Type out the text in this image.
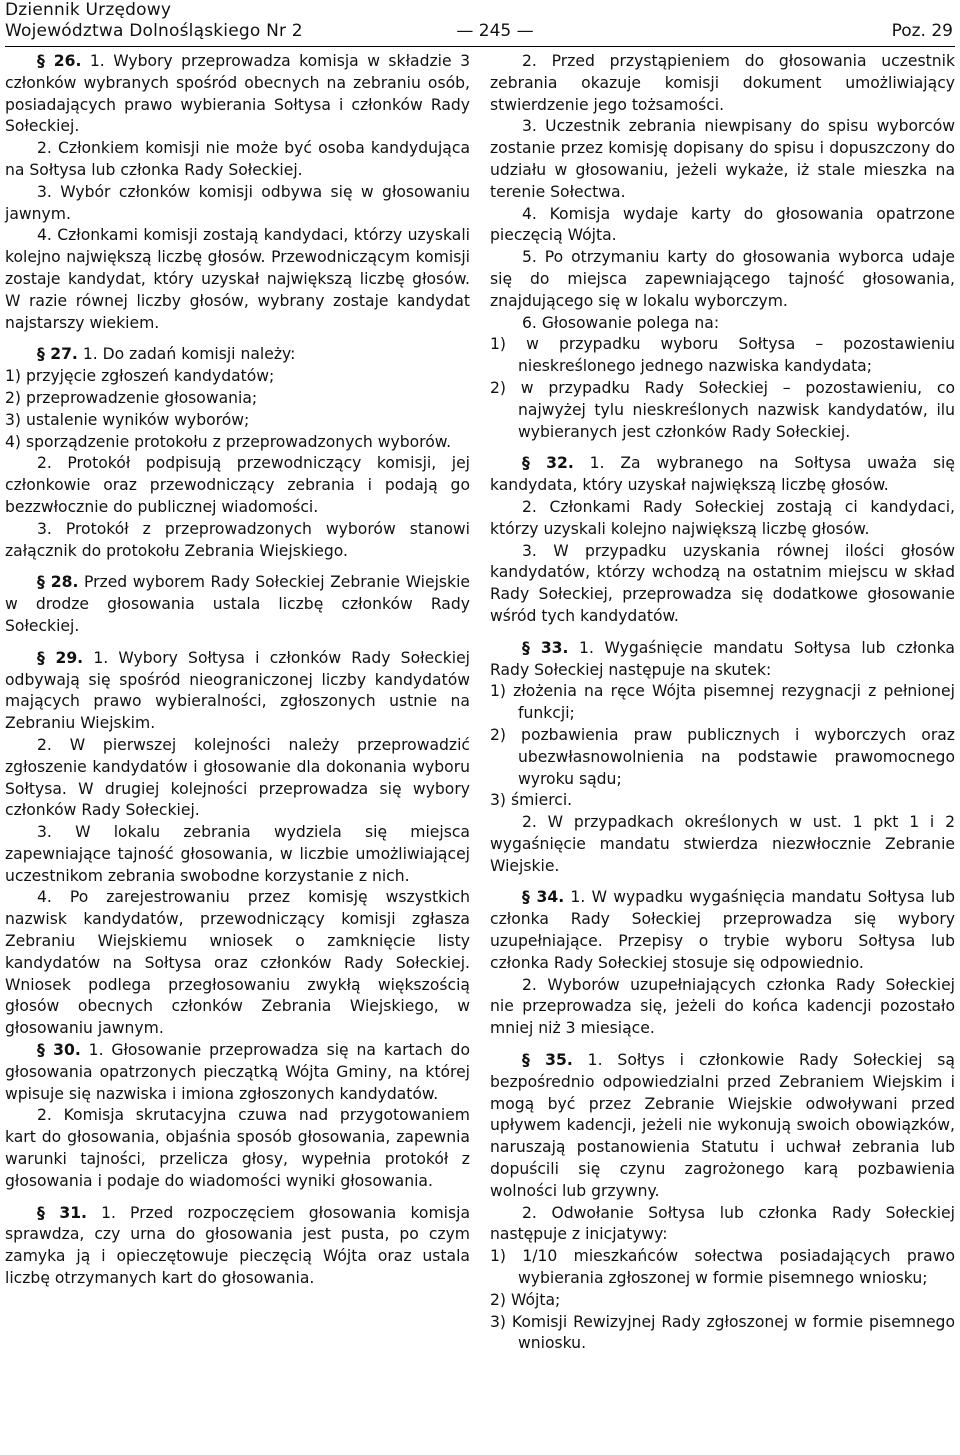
Dziennik Urzędowy
Województwa Dolnośląskiego Nr 2	— 245 —	Poz. 29

§ 26. 1. Wybory przeprowadza komisja w składzie 3 członków wybranych spośród obecnych na zebraniu osób, posiadających prawo wybierania Sołtysa i członków Rady Sołeckiej.

2. Członkiem komisji nie może być osoba kandydująca na Sołtysa lub członka Rady Sołeckiej.

3. Wybór członków komisji odbywa się w głosowaniu jawnym.

4. Członkami komisji zostają kandydaci, którzy uzyskali kolejno największą liczbę głosów. Przewodniczącym komisji zostaje kandydat, który uzyskał największą liczbę głosów. W razie równej liczby głosów, wybrany zostaje kandydat najstarszy wiekiem.

§ 27. 1. Do zadań komisji należy:

1) przyjęcie zgłoszeń kandydatów;

2) przeprowadzenie głosowania;

3) ustalenie wyników wyborów;

4) sporządzenie protokołu z przeprowadzonych wyborów.

2. Protokół podpisują przewodniczący komisji, jej członkowie oraz przewodniczący zebrania i podają go bezzwłocznie do publicznej wiadomości.

3. Protokół z przeprowadzonych wyborów stanowi załącznik do protokołu Zebrania Wiejskiego.

§ 28. Przed wyborem Rady Sołeckiej Zebranie Wiejskie w drodze głosowania ustala liczbę członków Rady Sołeckiej.

§ 29. 1. Wybory Sołtysa i członków Rady Sołeckiej odbywają się spośród nieograniczonej liczby kandydatów mających prawo wybieralności, zgłoszonych ustnie na Zebraniu Wiejskim.

2. W pierwszej kolejności należy przeprowadzić zgłoszenie kandydatów i głosowanie dla dokonania wyboru Sołtysa. W drugiej kolejności przeprowadza się wybory członków Rady Sołeckiej.

3. W lokalu zebrania wydziela się miejsca zapewniające tajność głosowania, w liczbie umożliwiającej uczestnikom zebrania swobodne korzystanie z nich.

4. Po zarejestrowaniu przez komisję wszystkich nazwisk kandydatów, przewodniczący komisji zgłasza Zebraniu Wiejskiemu wniosek o zamknięcie listy kandydatów na Sołtysa oraz członków Rady Sołeckiej. Wniosek podlega przegłosowaniu zwykłą większością głosów obecnych członków Zebrania Wiejskiego, w głosowaniu jawnym.

§ 30. 1. Głosowanie przeprowadza się na kartach do głosowania opatrzonych pieczątką Wójta Gminy, na której wpisuje się nazwiska i imiona zgłoszonych kandydatów.

2. Komisja skrutacyjna czuwa nad przygotowaniem kart do głosowania, objaśnia sposób głosowania, zapewnia warunki tajności, przelicza głosy, wypełnia protokół z głosowania i podaje do wiadomości wyniki głosowania.

§ 31. 1. Przed rozpoczęciem głosowania komisja sprawdza, czy urna do głosowania jest pusta, po czym zamyka ją i opieczętowuje pieczęcią Wójta oraz ustala liczbę otrzymanych kart do głosowania.

2. Przed przystąpieniem do głosowania uczestnik zebrania okazuje komisji dokument umożliwiający stwierdzenie jego tożsamości.

3. Uczestnik zebrania niewpisany do spisu wyborców zostanie przez komisję dopisany do spisu i dopuszczony do udziału w głosowaniu, jeżeli wykaże, iż stale mieszka na terenie Sołectwa.

4. Komisja wydaje karty do głosowania opatrzone pieczęcią Wójta.

5. Po otrzymaniu karty do głosowania wyborca udaje się do miejsca zapewniającego tajność głosowania, znajdującego się w lokalu wyborczym.

6. Głosowanie polega na:

1) w przypadku wyboru Sołtysa – pozostawieniu nieskreślonego jednego nazwiska kandydata;

2) w przypadku Rady Sołeckiej – pozostawieniu, co najwyżej tylu nieskreślonych nazwisk kandydatów, ilu wybieranych jest członków Rady Sołeckiej.

§ 32. 1. Za wybranego na Sołtysa uważa się kandydata, który uzyskał największą liczbę głosów.

2. Członkami Rady Sołeckiej zostają ci kandydaci, którzy uzyskali kolejno największą liczbę głosów.

3. W przypadku uzyskania równej ilości głosów kandydatów, którzy wchodzą na ostatnim miejscu w skład Rady Sołeckiej, przeprowadza się dodatkowe głosowanie wśród tych kandydatów.

§ 33. 1. Wygaśnięcie mandatu Sołtysa lub członka Rady Sołeckiej następuje na skutek:

1) złożenia na ręce Wójta pisemnej rezygnacji z pełnionej funkcji;

2) pozbawienia praw publicznych i wyborczych oraz ubezwłasnowolnienia na podstawie prawomocnego wyroku sądu;

3) śmierci.

2. W przypadkach określonych w ust. 1 pkt 1 i 2 wygaśnięcie mandatu stwierdza niezwłocznie Zebranie Wiejskie.

§ 34. 1. W wypadku wygaśnięcia mandatu Sołtysa lub członka Rady Sołeckiej przeprowadza się wybory uzupełniające. Przepisy o trybie wyboru Sołtysa lub członka Rady Sołeckiej stosuje się odpowiednio.

2. Wyborów uzupełniających członka Rady Sołeckiej nie przeprowadza się, jeżeli do końca kadencji pozostało mniej niż 3 miesiące.

§ 35. 1. Sołtys i członkowie Rady Sołeckiej są bezpośrednio odpowiedzialni przed Zebraniem Wiejskim i mogą być przez Zebranie Wiejskie odwoływani przed upływem kadencji, jeżeli nie wykonują swoich obowiązków, naruszają postanowienia Statutu i uchwał zebrania lub dopuścili się czynu zagrożonego karą pozbawienia wolności lub grzywny.

2. Odwołanie Sołtysa lub członka Rady Sołeckiej następuje z inicjatywy:

1) 1/10 mieszkańców sołectwa posiadających prawo wybierania zgłoszonej w formie pisemnego wniosku;

2) Wójta;

3) Komisji Rewizyjnej Rady zgłoszonej w formie pisemnego wniosku.
